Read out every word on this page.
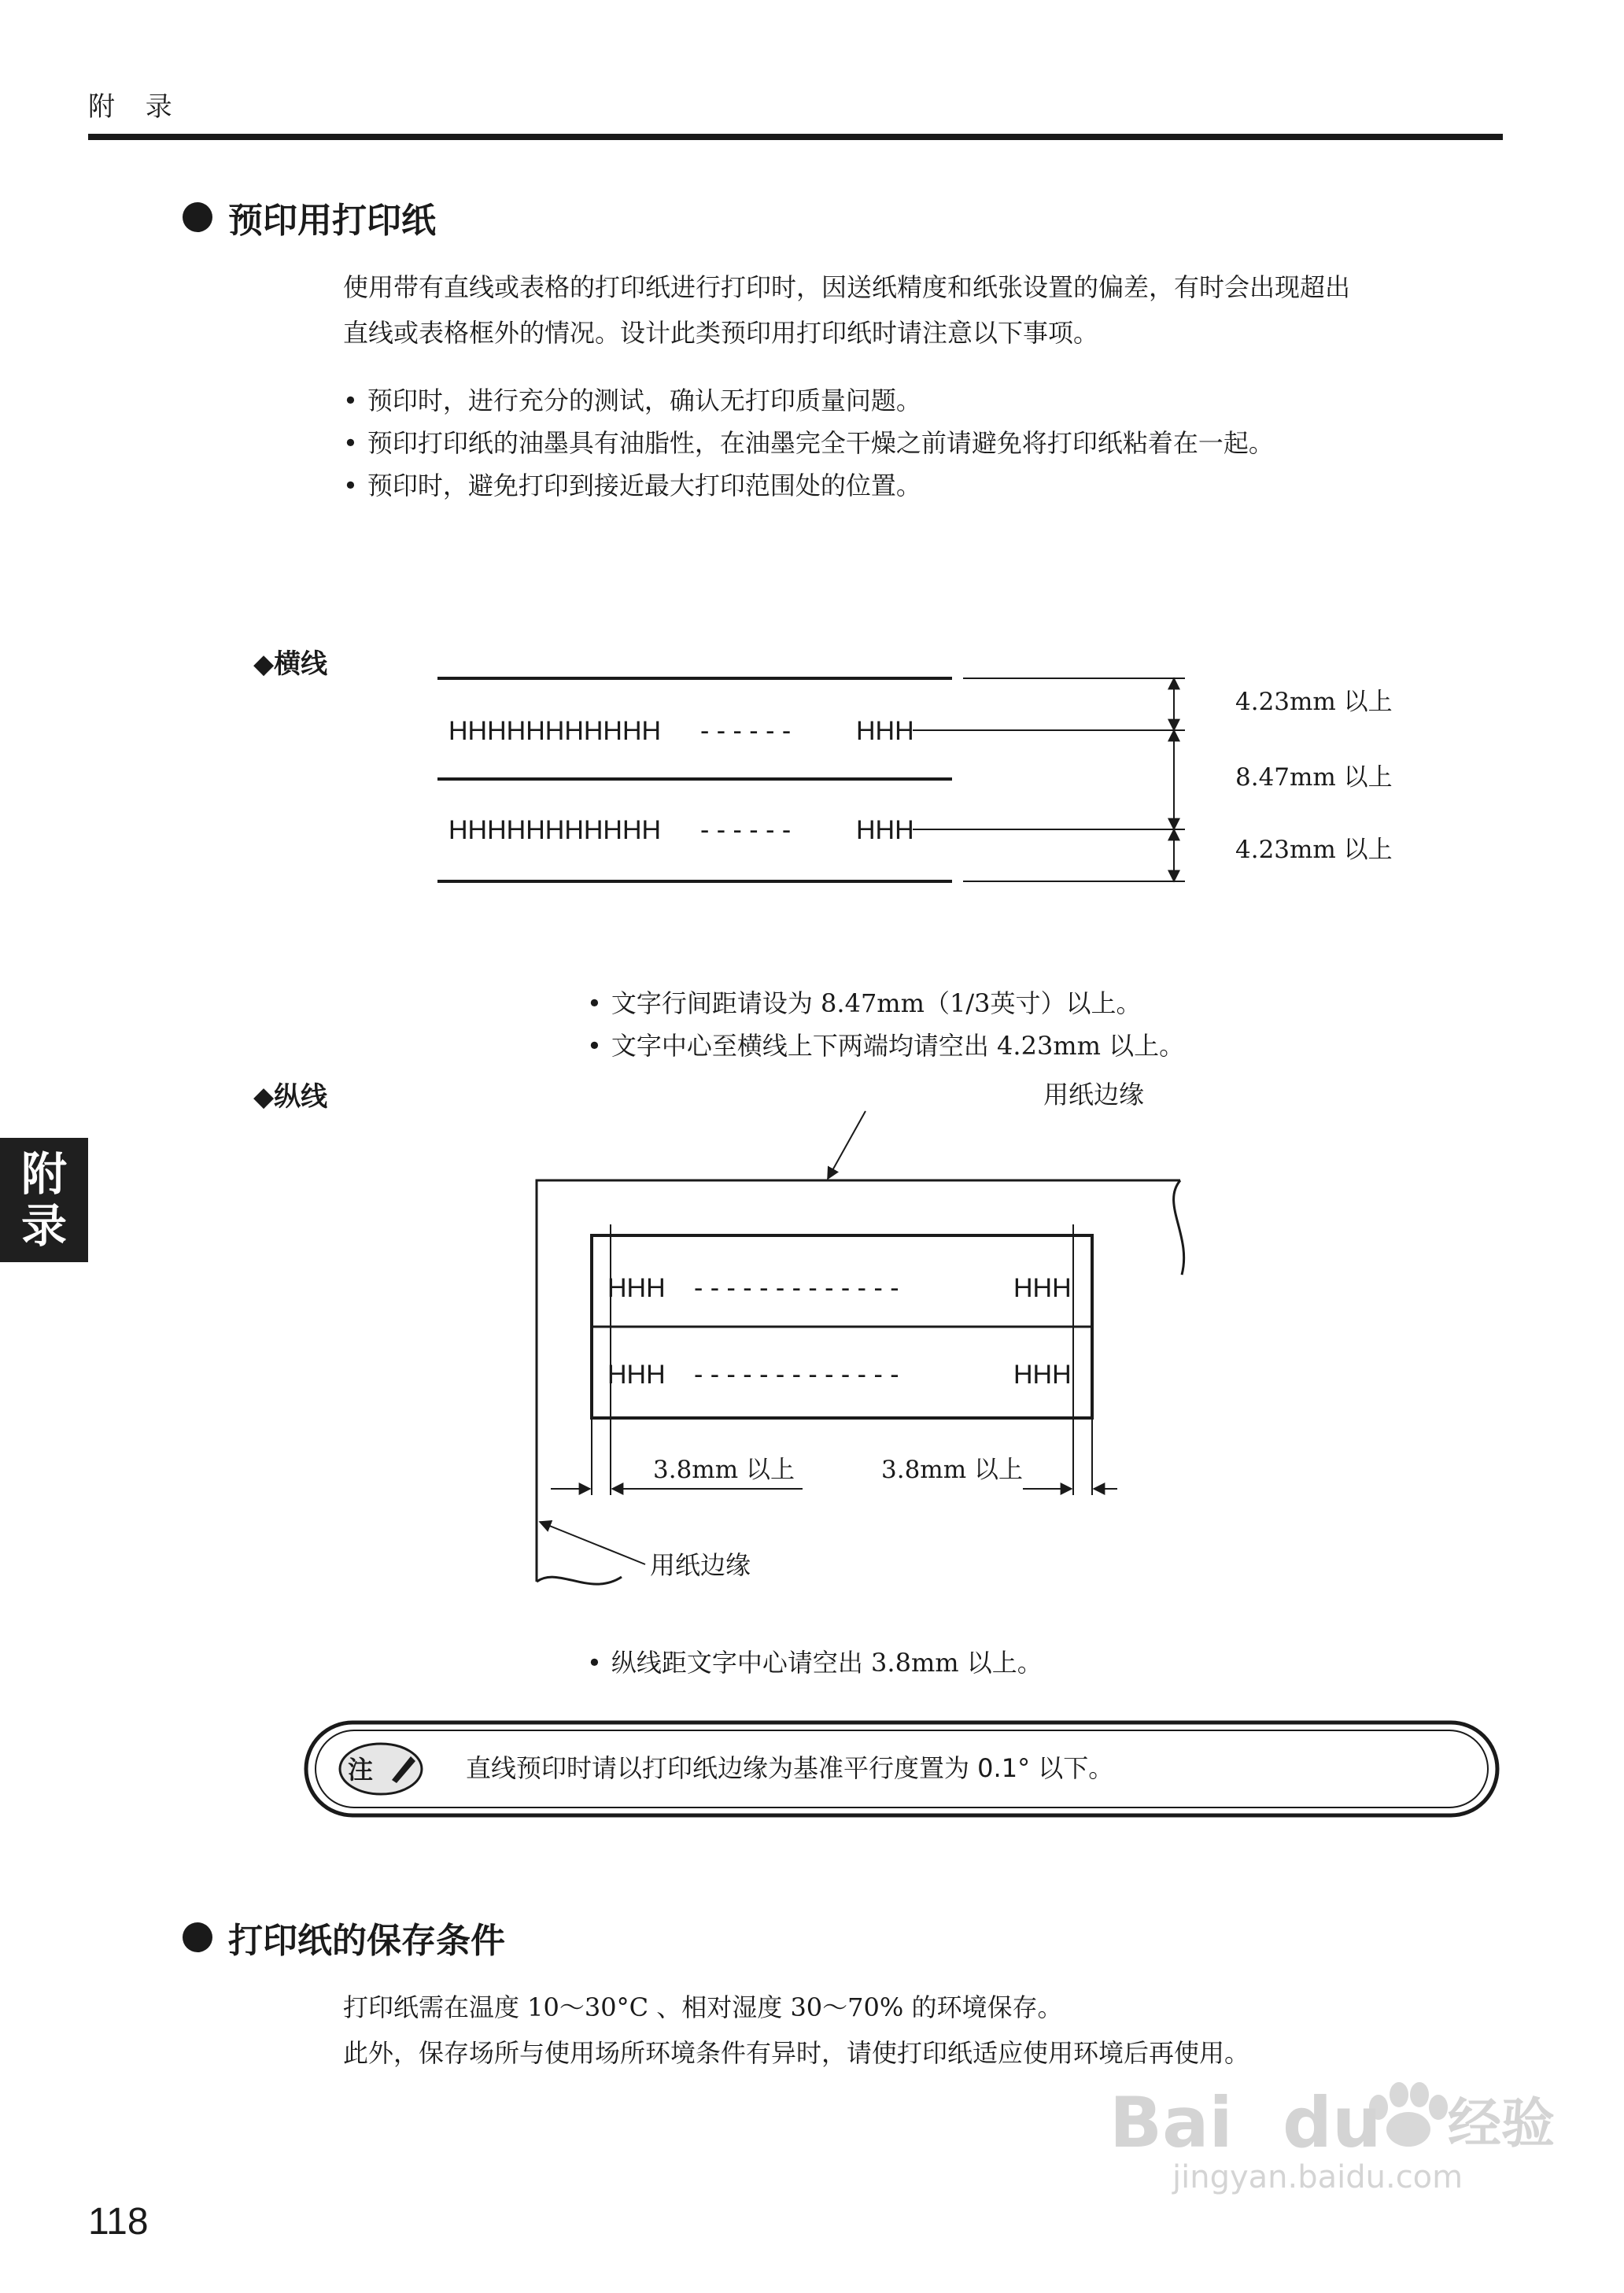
附 录
预印用打印纸
使用带有直线或表格的打印纸进行打印时，因送纸精度和纸张设置的偏差，有时会出现超出
直线或表格框外的情况。设计此类预印用打印纸时请注意以下事项。
• 预印时，进行充分的测试，确认无打印质量问题。
• 预印打印纸的油墨具有油脂性，在油墨完全干燥之前请避免将打印纸粘着在一起。
• 预印时，避免打印到接近最大打印范围处的位置。
◆横线
HHHHHHHHHHH - - - - - - HHH
HHHHHHHHHHH - - - - - - HHH
4.23mm 以上
8.47mm 以上
4.23mm 以上
• 文字行间距请设为 8.47mm（1/3英寸）以上。
• 文字中心至横线上下两端均请空出 4.23mm 以上。
◆纵线
HHH - - - - - - - - - - - - -	HHH
HHH - - - - - - - - - - - - -	HHH
3.8mm 以上	3.8mm 以上
用纸边缘
用纸边缘
• 纵线距文字中心请空出 3.8mm 以上。
注	直线预印时请以打印纸边缘为基准平行度置为 0.1° 以下。
打印纸的保存条件
打印纸需在温度 10～30°C 、相对湿度 30～70% 的环境保存。
此外，保存场所与使用场所环境条件有异时，请使打印纸适应使用环境后再使用。
附
录
118
Bai du 经验
jingyan.baidu.com
